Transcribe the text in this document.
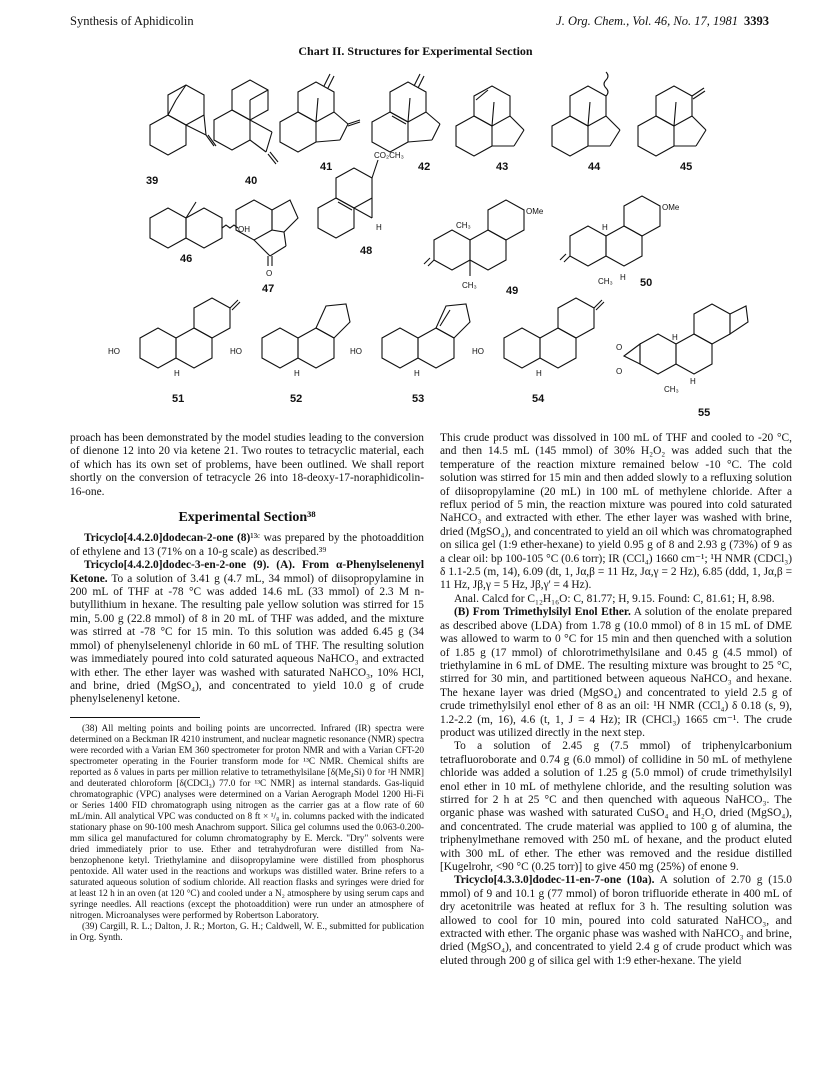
Synthesis of Aphidicolin	J. Org. Chem., Vol. 46, No. 17, 1981 3393
Chart II. Structures for Experimental Section
39	40
41	42	43	44	45
OH
46
O
47
CO₂CH₃
H
48
CH₃
CH₃
OMe
49
H
H
CH₃
OMe
50
HO
H
51
HO
H
52
HO
H
53
HO
H
54
O
O
H
H
CH₃
55

proach has been demonstrated by the model studies leading to the conversion of dienone 12 into 20 via ketene 21. Two routes to tetracyclic material, each of which has its own set of problems, have been outlined. We shall report shortly on the conversion of tetracycle 26 into 18-deoxy-17-noraphidicolin-16-one.

Experimental Section³⁸

Tricyclo[4.4.2.0]dodecan-2-one (8)¹³ᶜ was prepared by the photoaddition of ethylene and 13 (71% on a 10-g scale) as described.³⁹

Tricyclo[4.4.2.0]dodec-3-en-2-one (9). (A). From α-Phenylselenenyl Ketone. To a solution of 3.41 g (4.7 mL, 34 mmol) of diisopropylamine in 200 mL of THF at -78 °C was added 14.6 mL (33 mmol) of 2.3 M n-butyllithium in hexane. The resulting pale yellow solution was stirred for 15 min, 5.00 g (22.8 mmol) of 8 in 20 mL of THF was added, and the mixture was stirred at -78 °C for 15 min. To this solution was added 6.45 g (34 mmol) of phenylselenenyl chloride in 60 mL of THF. The resulting solution was immediately poured into cold saturated aqueous NaHCO₃ and extracted with ether. The ether layer was washed with saturated NaHCO₃, 10% HCl, and brine, dried (MgSO₄), and concentrated to yield 10.0 g of crude phenylselenenyl ketone.

(38) All melting points and boiling points are uncorrected. Infrared (IR) spectra were determined on a Beckman IR 4210 instrument, and nuclear magnetic resonance (NMR) spectra were recorded with a Varian EM 360 spectrometer for proton NMR and with a Varian CFT-20 spectrometer operating in the Fourier transform mode for ¹³C NMR. Chemical shifts are reported as δ values in parts per million relative to tetramethylsilane [δ(Me₄Si) 0 for ¹H NMR] and deuterated chloroform [δ(CDCl₃) 77.0 for ¹³C NMR] as internal standards. Gas-liquid chromatographic (VPC) analyses were determined on a Varian Aerograph Model 1200 Hi-Fi or Series 1400 FID chromatograph using nitrogen as the carrier gas at a flow rate of 60 mL/min. All analytical VPC was conducted on 8 ft × ¹/₈ in. columns packed with the indicated stationary phase on 90-100 mesh Anachrom support. Silica gel columns used the 0.063-0.200-mm silica gel manufactured for column chromatography by E. Merck. "Dry" solvents were dried immediately prior to use. Ether and tetrahydrofuran were distilled from Na-benzophenone ketyl. Triethylamine and diisopropylamine were distilled from phosphorus pentoxide. All water used in the reactions and workups was distilled water. Brine refers to a saturated aqueous solution of sodium chloride. All reaction flasks and syringes were dried for at least 12 h in an oven (at 120 °C) and cooled under a N₂ atmosphere by using serum caps and syringe needles. All reactions (except the photoaddition) were run under an atmosphere of nitrogen. Microanalyses were performed by Robertson Laboratory.

(39) Cargill, R. L.; Dalton, J. R.; Morton, G. H.; Caldwell, W. E., submitted for publication in Org. Synth.

This crude product was dissolved in 100 mL of THF and cooled to -20 °C, and then 14.5 mL (145 mmol) of 30% H₂O₂ was added such that the temperature of the reaction mixture remained below -10 °C. The cold solution was stirred for 15 min and then added slowly to a refluxing solution of diisopropylamine (20 mL) in 100 mL of methylene chloride. After a reflux period of 5 min, the reaction mixture was poured into cold saturated NaHCO₃ and extracted with ether. The ether layer was washed with brine, dried (MgSO₄), and concentrated to yield an oil which was chromatographed on silica gel (1:9 ether-hexane) to yield 0.95 g of 8 and 2.93 g (73%) of 9 as a clear oil: bp 100-105 °C (0.6 torr); IR (CCl₄) 1660 cm⁻¹; ¹H NMR (CDCl₃) δ 1.1-2.5 (m, 14), 6.09 (dt, 1, Jα,β = 11 Hz, Jα,γ = 2 Hz), 6.85 (ddd, 1, Jα,β = 11 Hz, Jβ,γ = 5 Hz, Jβ,γ' = 4 Hz).

Anal. Calcd for C₁₂H₁₆O: C, 81.77; H, 9.15. Found: C, 81.61; H, 8.98.

(B) From Trimethylsilyl Enol Ether. A solution of the enolate prepared as described above (LDA) from 1.78 g (10.0 mmol) of 8 in 15 mL of DME was allowed to warm to 0 °C for 15 min and then quenched with a solution of 1.85 g (17 mmol) of chlorotrimethylsilane and 0.45 g (4.5 mmol) of triethylamine in 6 mL of DME. The resulting mixture was brought to 25 °C, stirred for 30 min, and partitioned between aqueous NaHCO₃ and hexane. The hexane layer was dried (MgSO₄) and concentrated to yield 2.5 g of crude trimethylsilyl enol ether of 8 as an oil: ¹H NMR (CCl₄) δ 0.18 (s, 9), 1.2-2.2 (m, 16), 4.6 (t, 1, J = 4 Hz); IR (CHCl₃) 1665 cm⁻¹. The crude product was utilized directly in the next step.

To a solution of 2.45 g (7.5 mmol) of triphenylcarbonium tetrafluoroborate and 0.74 g (6.0 mmol) of collidine in 50 mL of methylene chloride was added a solution of 1.25 g (5.0 mmol) of crude trimethylsilyl enol ether in 10 mL of methylene chloride, and the resulting solution was stirred for 2 h at 25 °C and then quenched with aqueous NaHCO₃. The organic phase was washed with saturated CuSO₄ and H₂O, dried (MgSO₄), and concentrated. The crude material was applied to 100 g of alumina, the triphenylmethane removed with 250 mL of hexane, and the product eluted with 300 mL of ether. The ether was removed and the residue distilled [Kugelrohr, <90 °C (0.25 torr)] to give 450 mg (25%) of enone 9.

Tricyclo[4.3.3.0]dodec-11-en-7-one (10a). A solution of 2.70 g (15.0 mmol) of 9 and 10.1 g (77 mmol) of boron trifluoride etherate in 400 mL of dry acetonitrile was heated at reflux for 3 h. The resulting solution was allowed to cool for 10 min, poured into cold saturated NaHCO₃, and extracted with ether. The organic phase was washed with NaHCO₃ and brine, dried (MgSO₄), and concentrated to yield 2.4 g of crude product which was eluted through 200 g of silica gel with 1:9 ether-hexane. The yield
